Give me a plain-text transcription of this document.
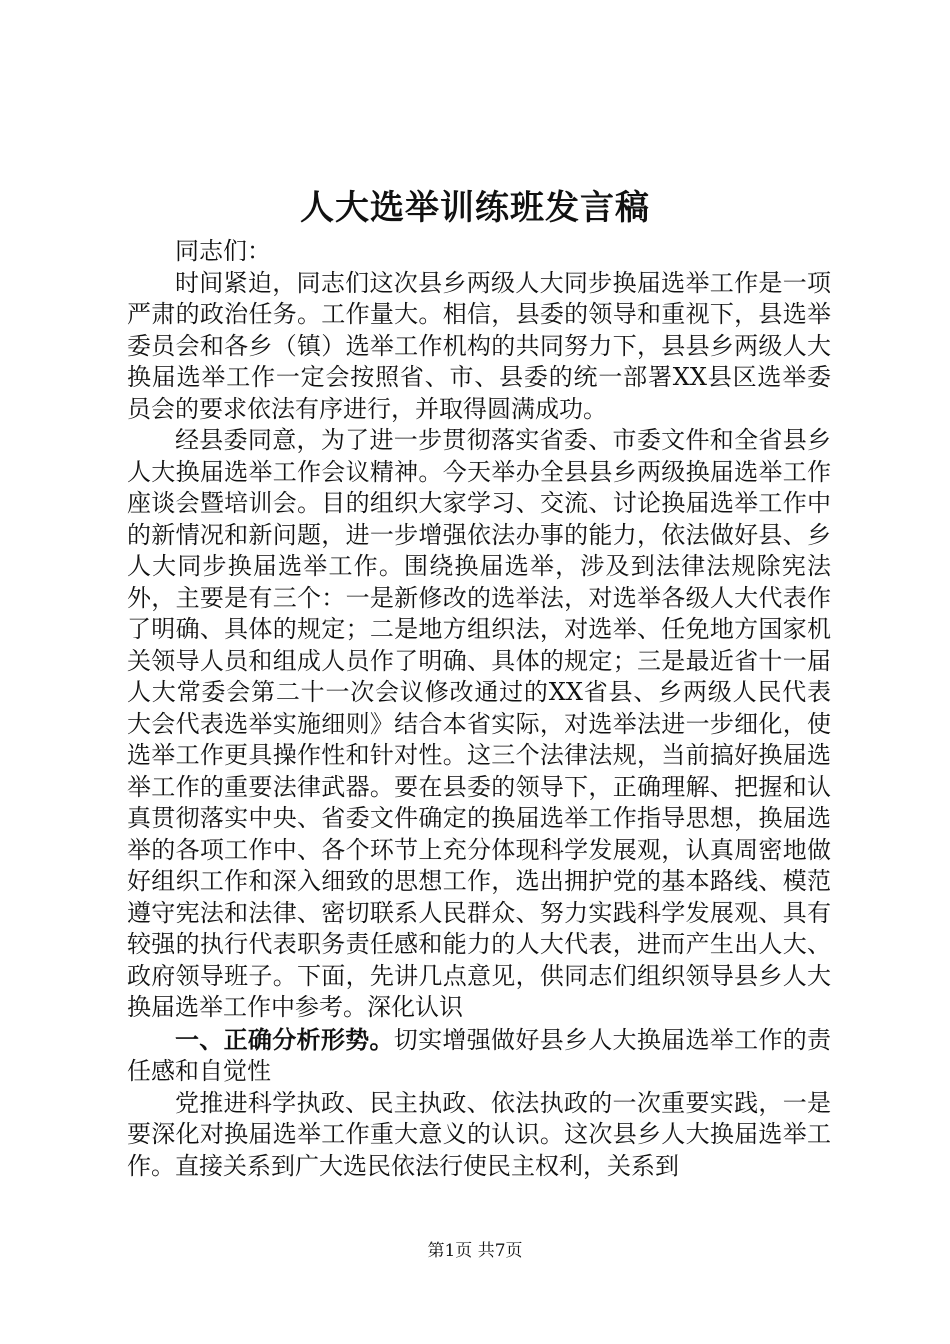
人大选举训练班发言稿

同志们：

时间紧迫，同志们这次县乡两级人大同步换届选举工作是一项严肃的政治任务。工作量大。相信，县委的领导和重视下，县选举委员会和各乡（镇）选举工作机构的共同努力下，县县乡两级人大换届选举工作一定会按照省、市、县委的统一部署XX县区选举委员会的要求依法有序进行，并取得圆满成功。

经县委同意，为了进一步贯彻落实省委、市委文件和全省县乡人大换届选举工作会议精神。今天举办全县县乡两级换届选举工作座谈会暨培训会。目的组织大家学习、交流、讨论换届选举工作中的新情况和新问题，进一步增强依法办事的能力，依法做好县、乡人大同步换届选举工作。围绕换届选举，涉及到法律法规除宪法外，主要是有三个：一是新修改的选举法，对选举各级人大代表作了明确、具体的规定；二是地方组织法，对选举、任免地方国家机关领导人员和组成人员作了明确、具体的规定；三是最近省十一届人大常委会第二十一次会议修改通过的XX省县、乡两级人民代表大会代表选举实施细则》结合本省实际，对选举法进一步细化，使选举工作更具操作性和针对性。这三个法律法规，当前搞好换届选举工作的重要法律武器。要在县委的领导下，正确理解、把握和认真贯彻落实中央、省委文件确定的换届选举工作指导思想，换届选举的各项工作中、各个环节上充分体现科学发展观，认真周密地做好组织工作和深入细致的思想工作，选出拥护党的基本路线、模范遵守宪法和法律、密切联系人民群众、努力实践科学发展观、具有较强的执行代表职务责任感和能力的人大代表，进而产生出人大、政府领导班子。下面，先讲几点意见，供同志们组织领导县乡人大换届选举工作中参考。深化认识

一、正确分析形势。切实增强做好县乡人大换届选举工作的责任感和自觉性

党推进科学执政、民主执政、依法执政的一次重要实践，一是要深化对换届选举工作重大意义的认识。这次县乡人大换届选举工作。直接关系到广大选民依法行使民主权利，关系到

第1页 共7页
